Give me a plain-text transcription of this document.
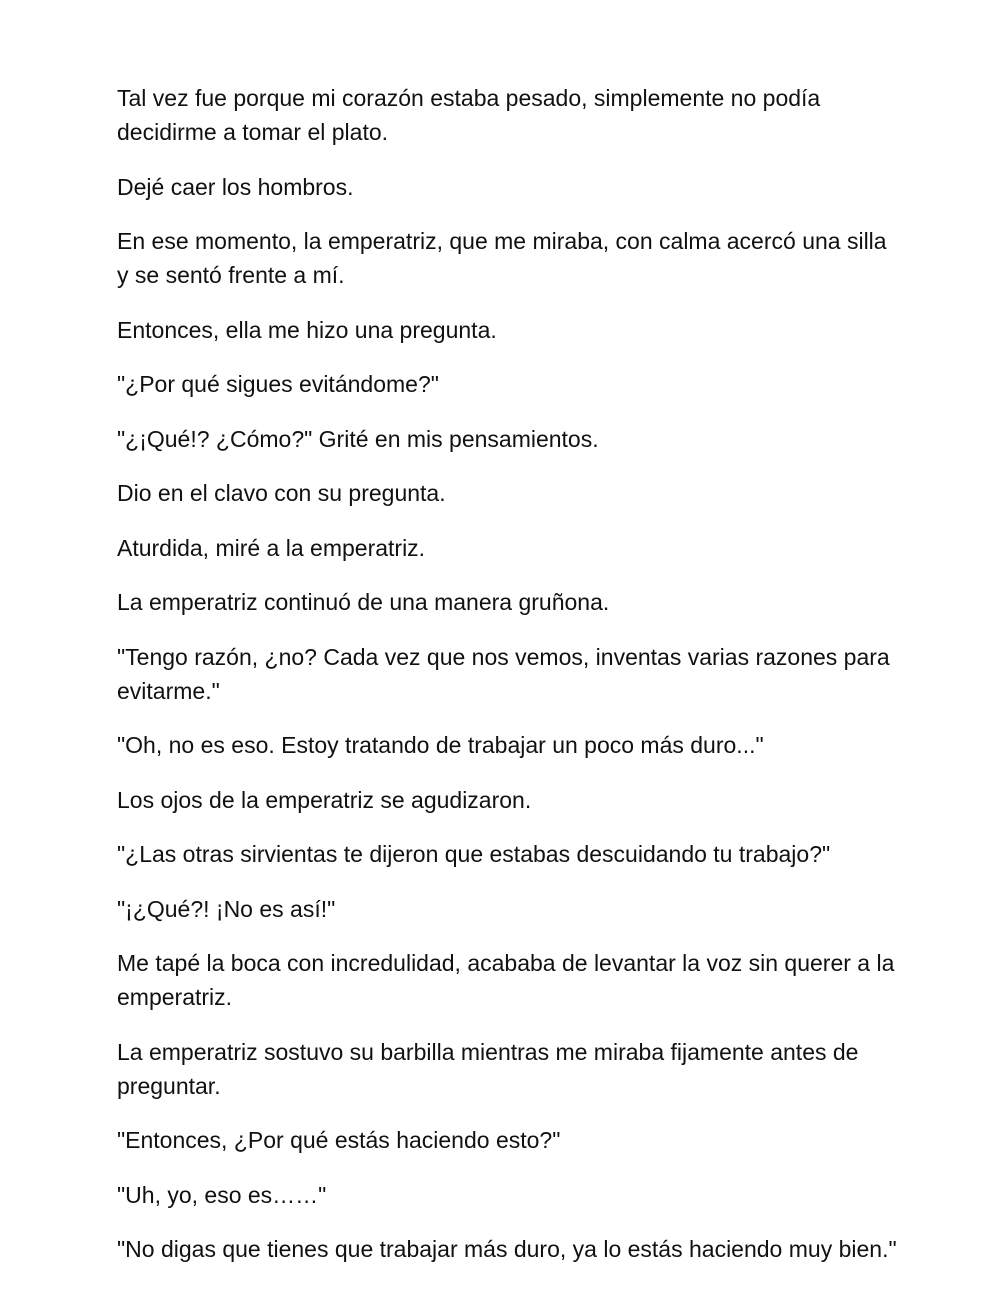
Tal vez fue porque mi corazón estaba pesado, simplemente no podía decidirme a tomar el plato.

Dejé caer los hombros.

En ese momento, la emperatriz, que me miraba, con calma acercó una silla y se sentó frente a mí.

Entonces, ella me hizo una pregunta.

"¿Por qué sigues evitándome?"

"¿¡Qué!? ¿Cómo?" Grité en mis pensamientos.

Dio en el clavo con su pregunta.

Aturdida, miré a la emperatriz.

La emperatriz continuó de una manera gruñona.

"Tengo razón, ¿no? Cada vez que nos vemos, inventas varias razones para evitarme."

"Oh, no es eso. Estoy tratando de trabajar un poco más duro..."

Los ojos de la emperatriz se agudizaron.

"¿Las otras sirvientas te dijeron que estabas descuidando tu trabajo?"

"¡¿Qué?! ¡No es así!"

Me tapé la boca con incredulidad, acababa de levantar la voz sin querer a la emperatriz.

La emperatriz sostuvo su barbilla mientras me miraba fijamente antes de preguntar.

"Entonces, ¿Por qué estás haciendo esto?"

"Uh, yo, eso es……"

"No digas que tienes que trabajar más duro, ya lo estás haciendo muy bien."
